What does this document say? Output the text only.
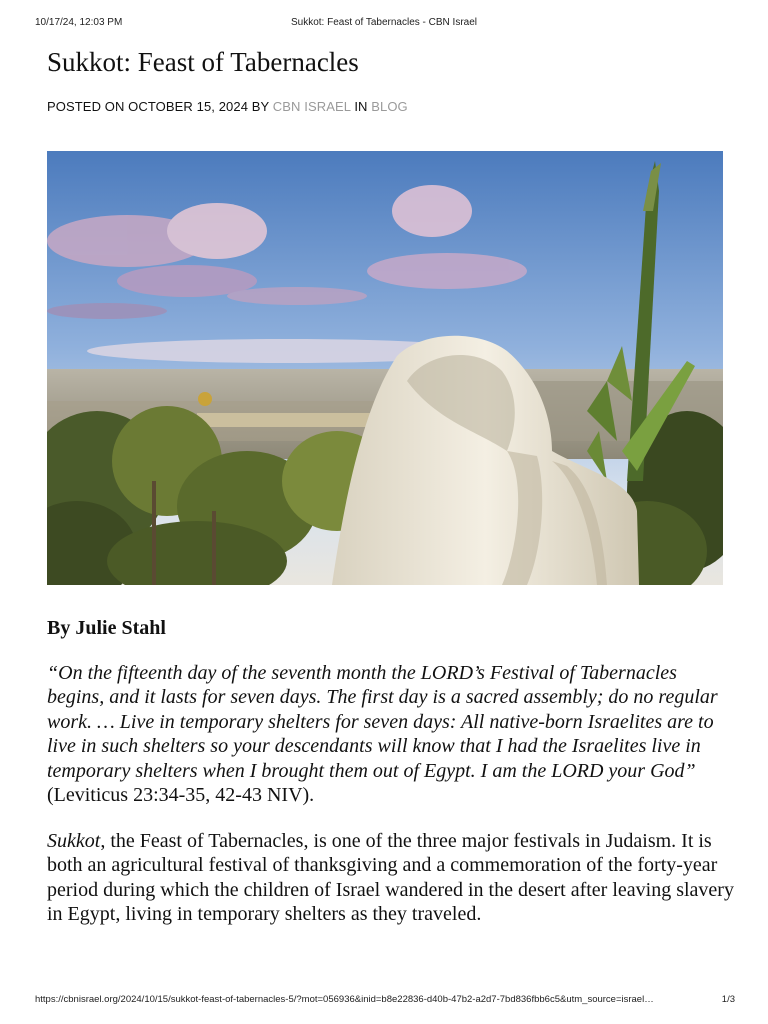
10/17/24, 12:03 PM	Sukkot: Feast of Tabernacles - CBN Israel
Sukkot: Feast of Tabernacles
POSTED ON OCTOBER 15, 2024 BY CBN ISRAEL IN BLOG

By Julie Stahl

“On the fifteenth day of the seventh month the LORD’s Festival of Tabernacles begins, and it lasts for seven days. The first day is a sacred assembly; do no regular work. … Live in temporary shelters for seven days: All native-born Israelites are to live in such shelters so your descendants will know that I had the Israelites live in temporary shelters when I brought them out of Egypt. I am the LORD your God” (Leviticus 23:34-35, 42-43 NIV).

Sukkot, the Feast of Tabernacles, is one of the three major festivals in Judaism. It is both an agricultural festival of thanksgiving and a commemoration of the forty-year period during which the children of Israel wandered in the desert after leaving slavery in Egypt, living in temporary shelters as they traveled.

https://cbnisrael.org/2024/10/15/sukkot-feast-of-tabernacles-5/?mot=056936&inid=b8e22836-d40b-47b2-a2d7-7bd836fbb6c5&utm_source=israel…	1/3
